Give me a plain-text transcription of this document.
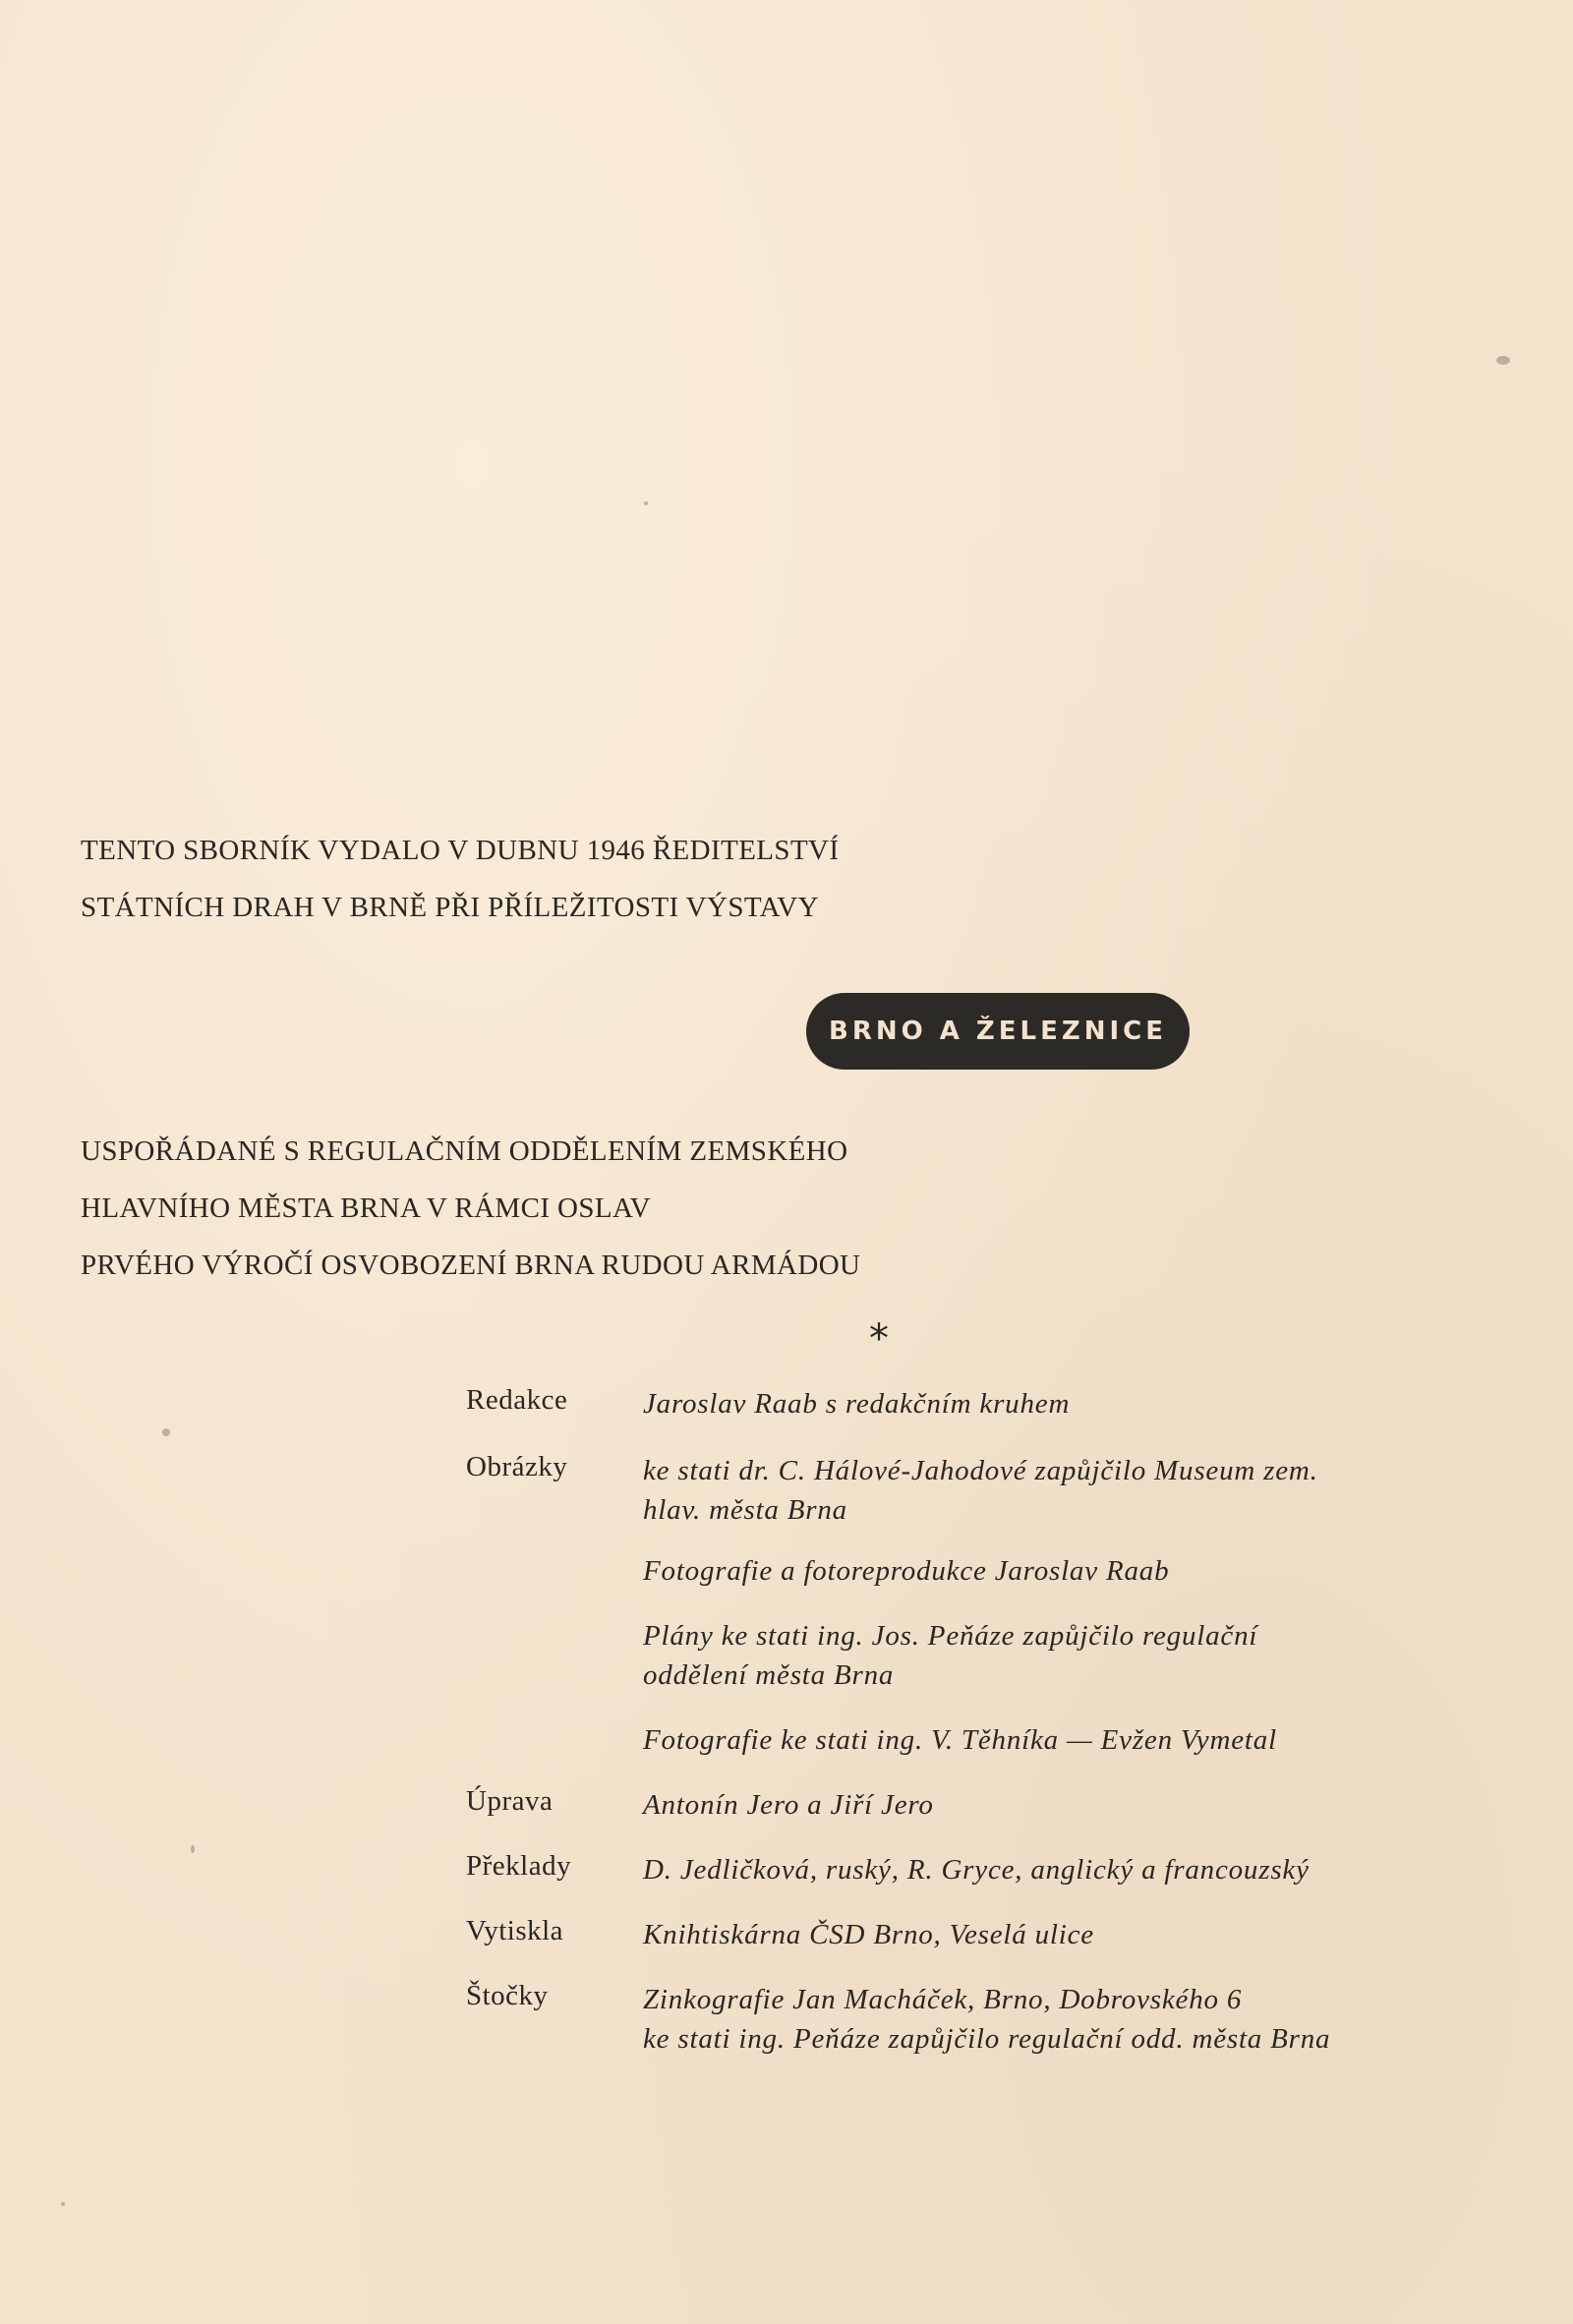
TENTO SBORNÍK VYDALO V DUBNU 1946 ŘEDITELSTVÍ
STÁTNÍCH DRAH V BRNĚ PŘI PŘÍLEŽITOSTI VÝSTAVY
BRNO A ŽELEZNICE
USPOŘÁDANÉ S REGULAČNÍM ODDĚLENÍM ZEMSKÉHO
HLAVNÍHO MĚSTA BRNA V RÁMCI OSLAV
PRVÉHO VÝROČÍ OSVOBOZENÍ BRNA RUDOU ARMÁDOU
*
Redakce	Jaroslav Raab s redakčním kruhem
Obrázky	ke stati dr. C. Hálové-Jahodové zapůjčilo Museum zem.
hlav. města Brna
Fotografie a fotoreprodukce Jaroslav Raab
Plány ke stati ing. Jos. Peňáze zapůjčilo regulační
oddělení města Brna
Fotografie ke stati ing. V. Těhníka — Evžen Vymetal
Úprava	Antonín Jero a Jiří Jero
Překlady	D. Jedličková, ruský, R. Gryce, anglický a francouzský
Vytiskla	Knihtiskárna ČSD Brno, Veselá ulice
Štočky	Zinkografie Jan Macháček, Brno, Dobrovského 6
ke stati ing. Peňáze zapůjčilo regulační odd. města Brna
